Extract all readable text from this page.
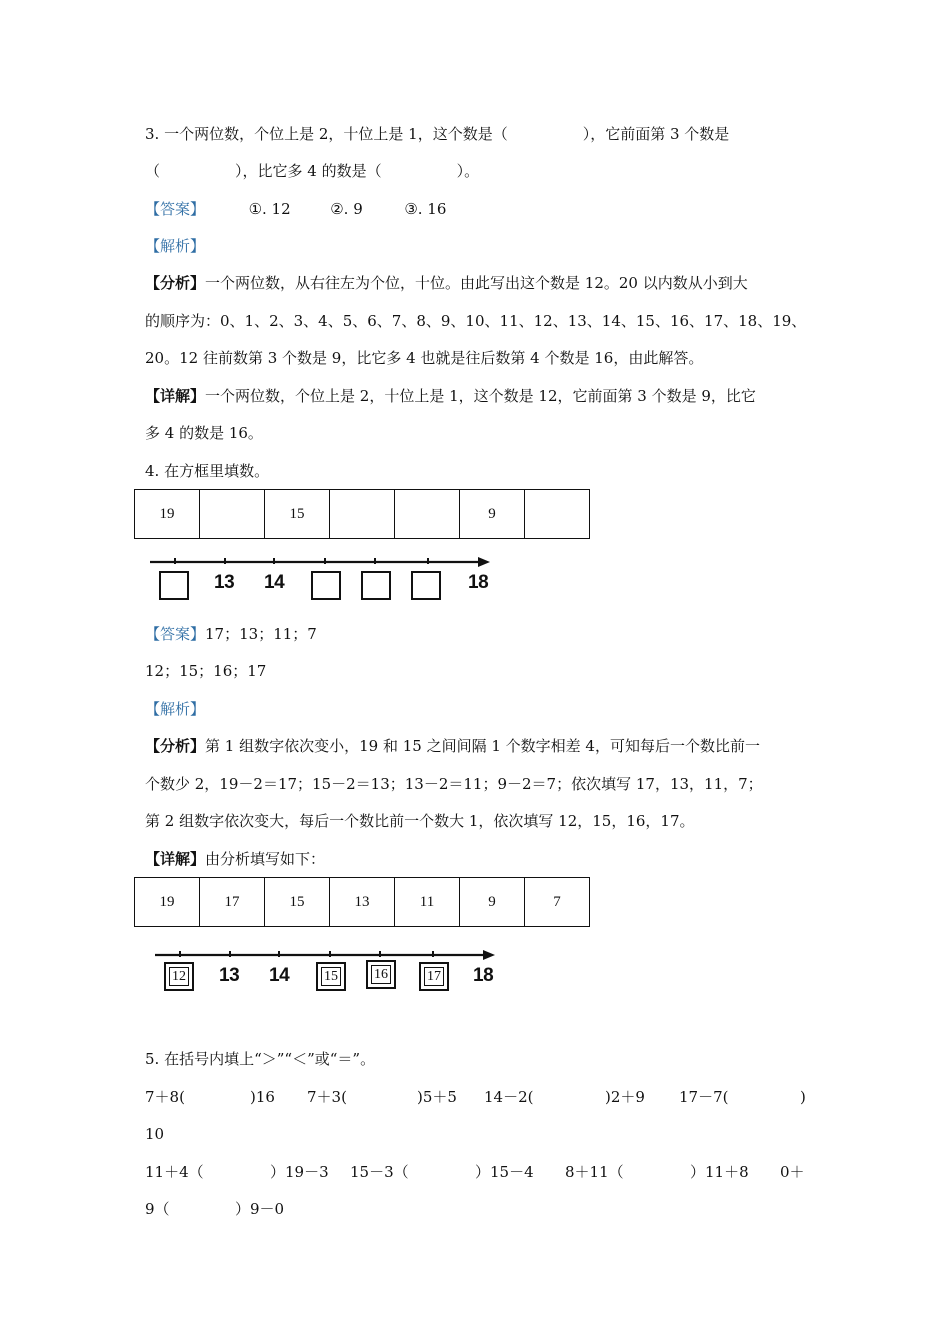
3. 一个两位数，个位上是 2，十位上是 1，这个数是（　　　　　），它前面第 3 个数是
（　　　　　），比它多 4 的数是（　　　　　）。
【答案】	①. 12	②. 9	③. 16
【解析】
【分析】一个两位数，从右往左为个位，十位。由此写出这个数是 12。20 以内数从小到大
的顺序为：0、1、2、3、4、5、6、7、8、9、10、11、12、13、14、15、16、17、18、19、
20。12 往前数第 3 个数是 9，比它多 4 也就是往后数第 4 个数是 16，由此解答。
【详解】一个两位数，个位上是 2，十位上是 1，这个数是 12，它前面第 3 个数是 9，比它
多 4 的数是 16。
4. 在方框里填数。
19		15			9	
13 14	18
【答案】17；13；11；7
12；15；16；17
【解析】
【分析】第 1 组数字依次变小，19 和 15 之间间隔 1 个数字相差 4，可知每后一个数比前一
个数少 2，19－2＝17；15－2＝13；13－2＝11；9－2＝7；依次填写 17，13，11，7；
第 2 组数字依次变大，每后一个数比前一个数大 1，依次填写 12，15，16，17。
【详解】由分析填写如下：
19	17	15	13	11	9	7
12 13 14 15	16	17 18
5. 在括号内填上“＞”“＜”或“＝”。
7＋8(	)16 7＋3(	)5＋5 14－2(	)2＋9 17－7(	)
10
11＋4（	）19－3 15－3（	）15－4 8＋11（	）11＋8 0＋
9（	）9－0
